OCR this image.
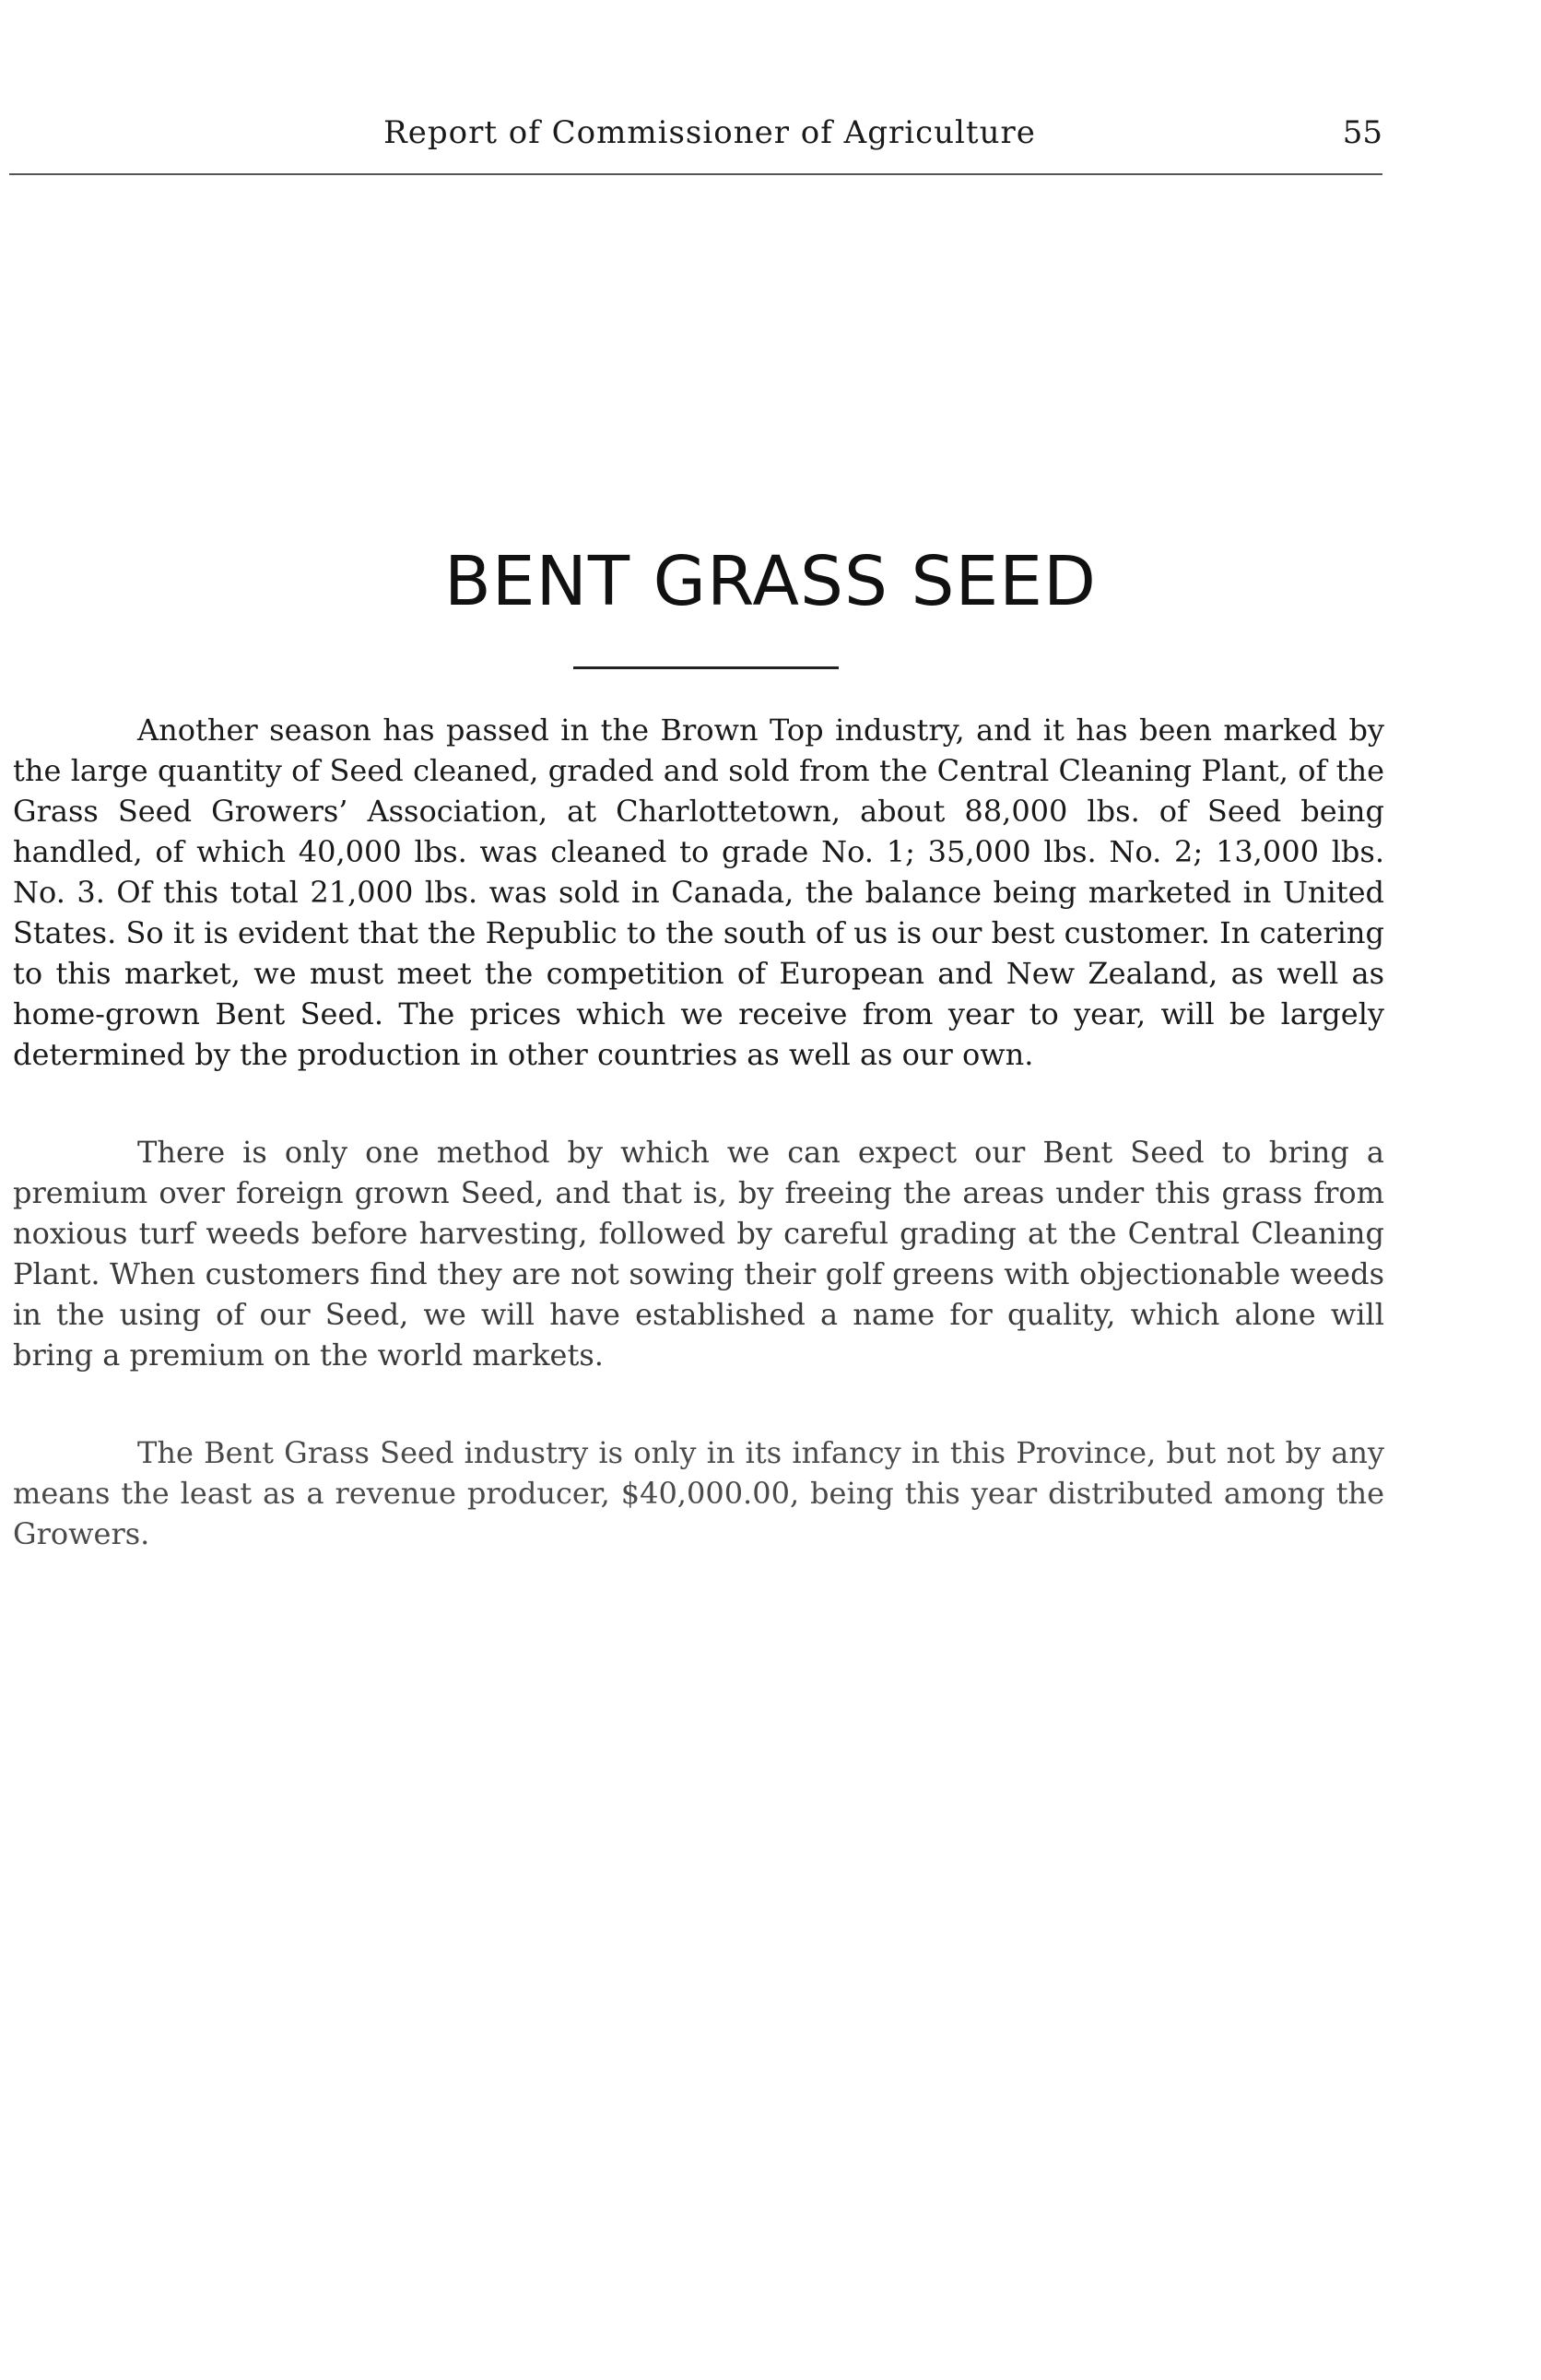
Report of Commissioner of Agriculture	55
BENT GRASS SEED

Another season has passed in the Brown Top industry, and it has been marked by the large quantity of Seed cleaned, graded and sold from the Central Cleaning Plant, of the Grass Seed Growers’ Association, at Charlottetown, about 88,000 lbs. of Seed being handled, of which 40,000 lbs. was cleaned to grade No. 1; 35,000 lbs. No. 2; 13,000 lbs. No. 3. Of this total 21,000 lbs. was sold in Canada, the balance being marketed in United States. So it is evident that the Republic to the south of us is our best customer. In catering to this market, we must meet the competition of European and New Zealand, as well as home-grown Bent Seed. The prices which we receive from year to year, will be largely determined by the production in other countries as well as our own.

There is only one method by which we can expect our Bent Seed to bring a premium over foreign grown Seed, and that is, by freeing the areas under this grass from noxious turf weeds before harvesting, followed by careful grading at the Central Cleaning Plant. When customers find they are not sowing their golf greens with objectionable weeds in the using of our Seed, we will have established a name for quality, which alone will bring a premium on the world markets.

The Bent Grass Seed industry is only in its infancy in this Province, but not by any means the least as a revenue producer, $40,000.00, being this year distributed among the Growers.
